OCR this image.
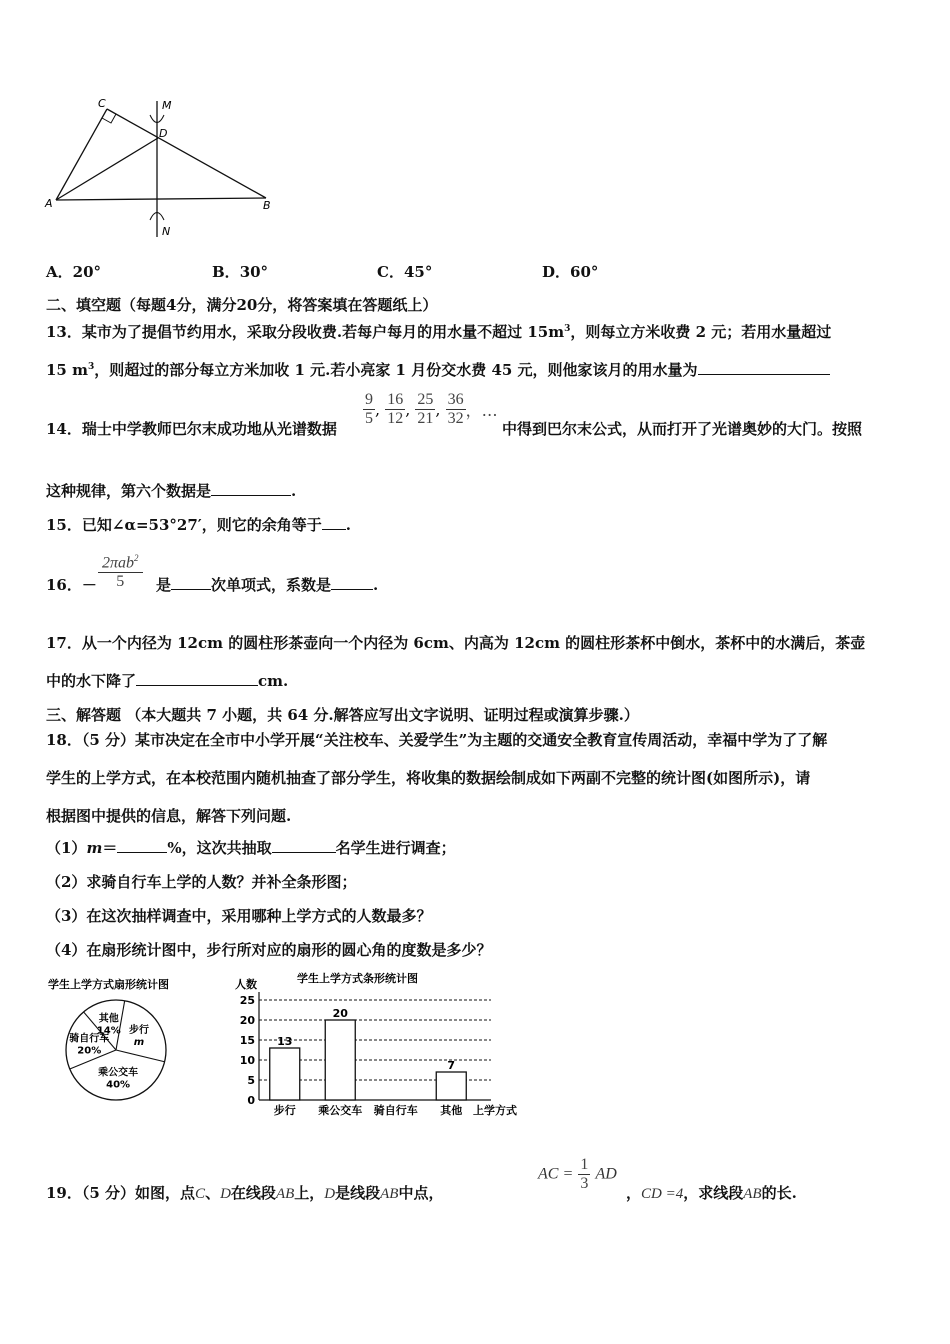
C	M
D
A	B
N
A．20°	B．30°	C．45°	D．60°
二、填空题（每题4分，满分20分，将答案填在答题纸上）
13．某市为了提倡节约用水，采取分段收费.若每户每月的用水量不超过 $15m^3$，则每立方米收费 2 元；若用水量超过
15 $m^3$，则超过的部分每立方米加收 1 元.若小亮家 1 月份交水费 45 元，则他家该月的用水量为
14．瑞士中学教师巴尔末成功地从光谱数据
$\frac{9}{5}$ , $\frac{16}{12}$ , $\frac{25}{21}$ , $\frac{36}{32}$ ，…
中得到巴尔末公式，从而打开了光谱奥妙的大门。按照
这种规律，第六个数据是	.
15．已知∠α=53°27′，则它的余角等于 .
16．－ $\frac{2\pi ab^2}{5}$ 是	次单项式，系数是	.
17．从一个内径为 12cm 的圆柱形茶壶向一个内径为 6cm、内高为 12cm 的圆柱形茶杯中倒水，茶杯中的水满后，茶壶
中的水下降了	cm.
三、解答题 （本大题共 7 小题，共 64 分.解答应写出文字说明、证明过程或演算步骤.）
18．（5 分）某市决定在全市中小学开展“关注校车、关爱学生”为主题的交通安全教育宣传周活动，幸福中学为了了解
学生的上学方式，在本校范围内随机抽查了部分学生，将收集的数据绘制成如下两副不完整的统计图(如图所示)，请
根据图中提供的信息，解答下列问题.
（1）m＝	%，这次共抽取	名学生进行调查；
（2）求骑自行车上学的人数？并补全条形图；
（3）在这次抽样调查中，采用哪种上学方式的人数最多？
（4）在扇形统计图中，步行所对应的扇形的圆心角的度数是多少？
学生上学方式扇形统计图
步行
m
乘公交车
40%
骑自行车
20%
其他
14%
学生上学方式条形统计图
人数
上学方式
0
5
10
15
20
25
13
步行
20
乘公交车 骑自行车
7
其他
19．（5 分）如图，点C、D在线段AB上，D是线段AB中点，
AC = $\frac{1}{3}$ AD
，CD =4，求线段AB的长.
